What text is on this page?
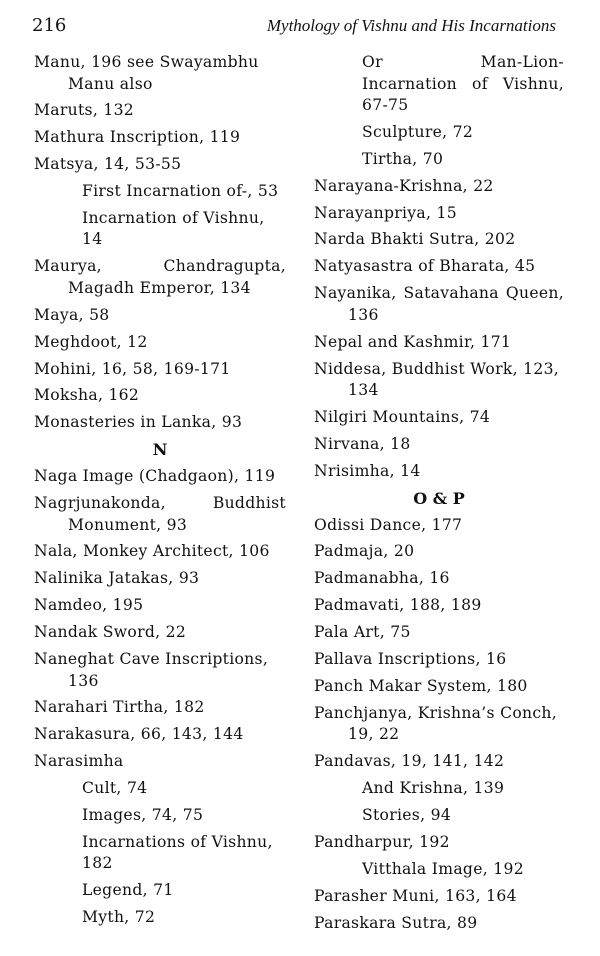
216	Mythology of Vishnu and His Incarnations
Manu, 196 see Swayambhu Manu also
Maruts, 132
Mathura Inscription, 119
Matsya, 14, 53-55
First Incarnation of-, 53
Incarnation of Vishnu, 14
Maurya, Chandragupta, Magadh Emperor, 134
Maya, 58
Meghdoot, 12
Mohini, 16, 58, 169-171
Moksha, 162
Monasteries in Lanka, 93
N
Naga Image (Chadgaon), 119
Nagrjunakonda, Buddhist Monument, 93
Nala, Monkey Architect, 106
Nalinika Jatakas, 93
Namdeo, 195
Nandak Sword, 22
Naneghat Cave Inscriptions, 136
Narahari Tirtha, 182
Narakasura, 66, 143, 144
Narasimha
Cult, 74
Images, 74, 75
Incarnations of Vishnu, 182
Legend, 71
Myth, 72
Or Man-Lion-Incarnation of Vishnu, 67-75
Sculpture, 72
Tirtha, 70
Narayana-Krishna, 22
Narayanpriya, 15
Narda Bhakti Sutra, 202
Natyasastra of Bharata, 45
Nayanika, Satavahana Queen, 136
Nepal and Kashmir, 171
Niddesa, Buddhist Work, 123, 134
Nilgiri Mountains, 74
Nirvana, 18
Nrisimha, 14
O & P
Odissi Dance, 177
Padmaja, 20
Padmanabha, 16
Padmavati, 188, 189
Pala Art, 75
Pallava Inscriptions, 16
Panch Makar System, 180
Panchjanya, Krishna’s Conch, 19, 22
Pandavas, 19, 141, 142
And Krishna, 139
Stories, 94
Pandharpur, 192
Vitthala Image, 192
Parasher Muni, 163, 164
Paraskara Sutra, 89
